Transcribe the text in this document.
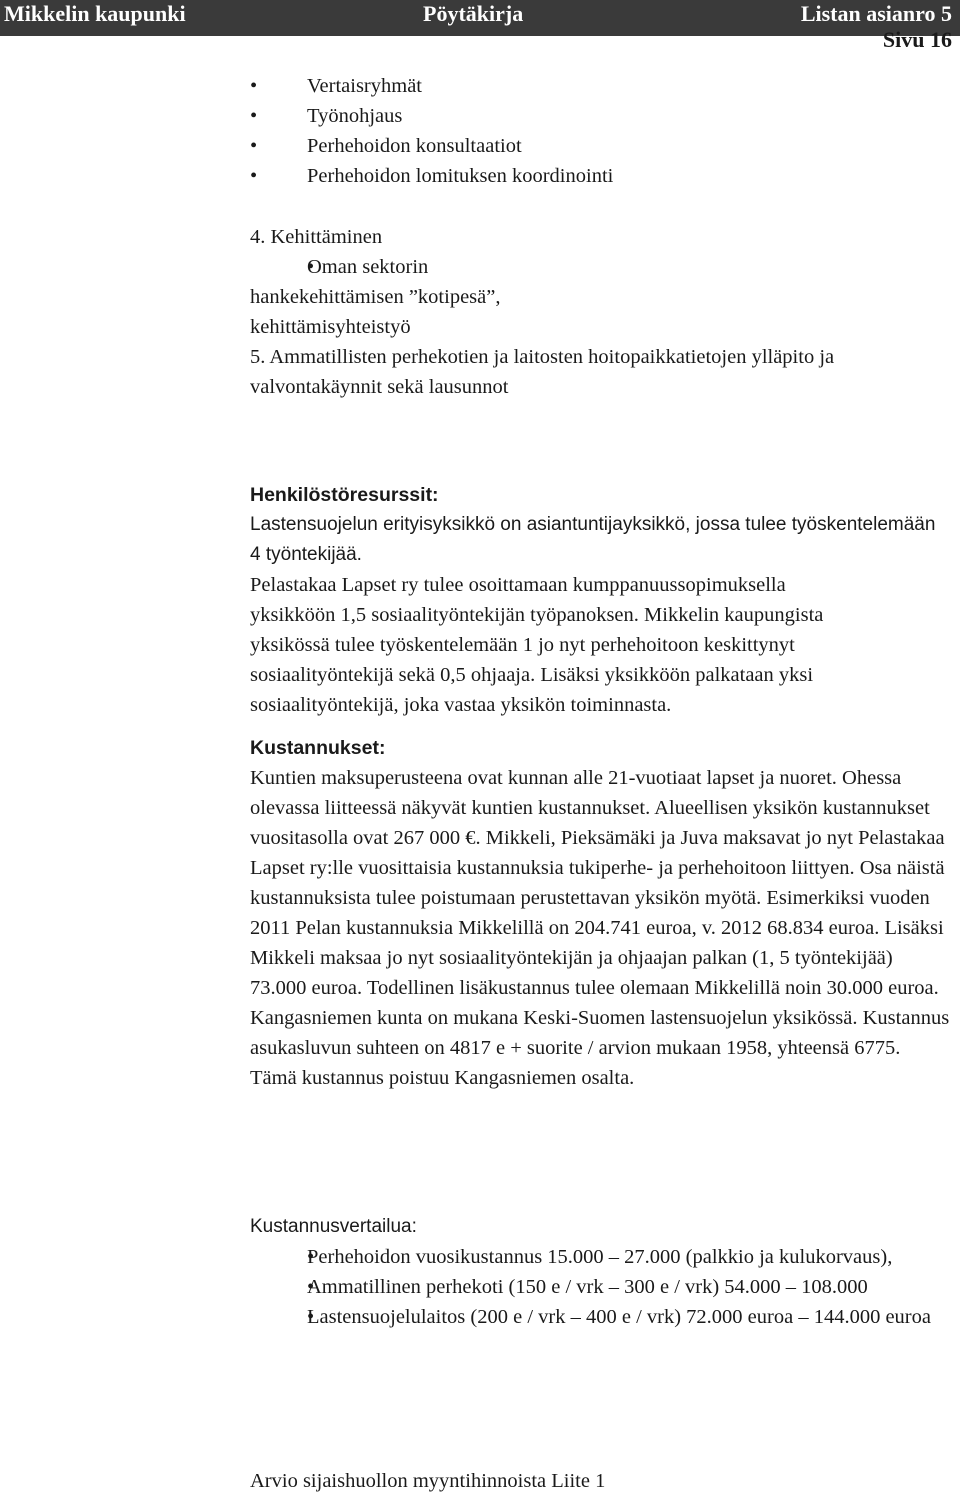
Mikkelin kaupunki	Pöytäkirja	Listan asianro 5
Sivu 16

• Vertaisryhmät

• Työnohjaus

• Perhehoidon konsultaatiot

• Perhehoidon lomituksen koordinointi

4. Kehittäminen

• Oman sektorin hankekehittämisen ”kotipesä”, kehittämisyhteistyö

5. Ammatillisten perhekotien ja laitosten hoitopaikkatietojen ylläpito ja valvontakäynnit sekä lausunnot

Henkilöstöresurssit:

Lastensuojelun erityisyksikkö on asiantuntijayksikkö, jossa tulee työskentelemään 4 työntekijää.

Pelastakaa Lapset ry tulee osoittamaan kumppanuussopimuksella yksikköön 1,5 sosiaalityöntekijän työpanoksen. Mikkelin kaupungista yksikössä tulee työskentelemään 1 jo nyt perhehoitoon keskittynyt sosiaalityöntekijä sekä 0,5 ohjaaja. Lisäksi yksikköön palkataan yksi sosiaalityöntekijä, joka vastaa yksikön toiminnasta.

Kustannukset:

Kuntien maksuperusteena ovat kunnan alle 21-vuotiaat lapset ja nuoret. Ohessa olevassa liitteessä näkyvät kuntien kustannukset. Alueellisen yksikön kustannukset vuositasolla ovat 267 000 €. Mikkeli, Pieksämäki ja Juva maksavat jo nyt Pelastakaa Lapset ry:lle vuosittaisia kustannuksia tukiperhe- ja perhehoitoon liittyen. Osa näistä kustannuksista tulee poistumaan perustettavan yksikön myötä. Esimerkiksi vuoden 2011 Pelan kustannuksia Mikkelillä on 204.741 euroa, v. 2012 68.834 euroa. Lisäksi Mikkeli maksaa jo nyt sosiaalityöntekijän ja ohjaajan palkan (1, 5 työntekijää) 73.000 euroa. Todellinen lisäkustannus tulee olemaan Mikkelillä noin 30.000 euroa. Kangasniemen kunta on mukana Keski-Suomen lastensuojelun yksikössä. Kustannus asukasluvun suhteen on 4817 e + suorite / arvion mukaan 1958, yhteensä 6775. Tämä kustannus poistuu Kangasniemen osalta.

Kustannusvertailua:

• Perhehoidon vuosikustannus 15.000 – 27.000 (palkkio ja kulukorvaus),

• Ammatillinen perhekoti (150 e / vrk – 300 e / vrk) 54.000 – 108.000

• Lastensuojelulaitos (200 e / vrk – 400 e / vrk) 72.000 euroa – 144.000 euroa

Arvio sijaishuollon myyntihinnoista Liite 1
